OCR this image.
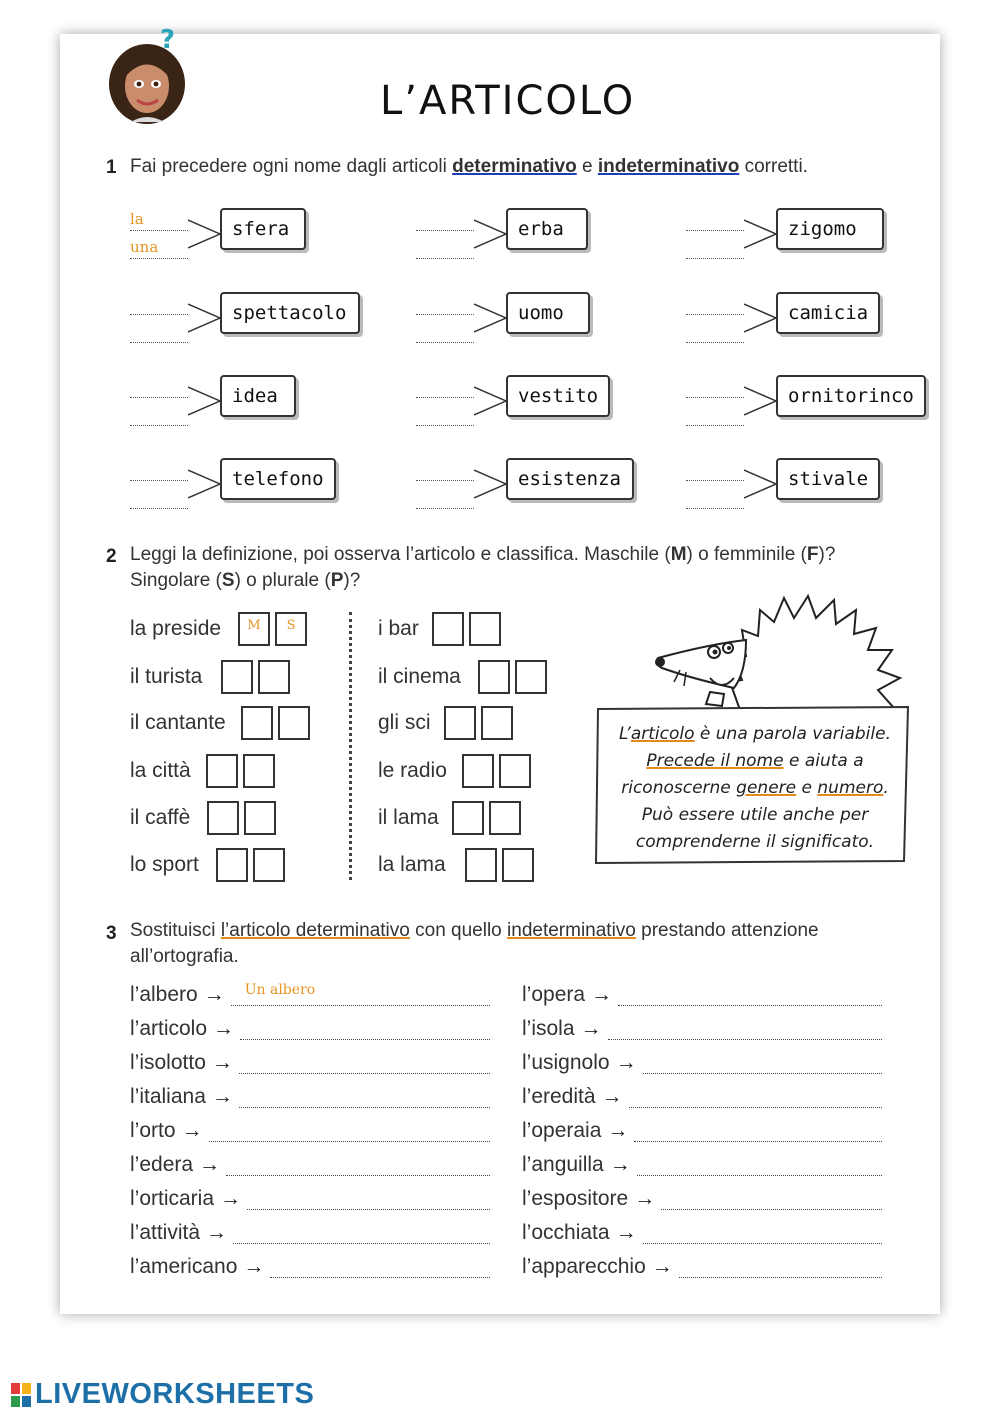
?
L’ARTICOLO
1 Fai precedere ogni nome dagli articoli determinativo e indeterminativo corretti.
la
una
sfera	erba	zigomo
spettacolo	uomo	camicia
idea	vestito	ornitorinco
telefono	esistenza	stivale
2 Leggi la definizione, poi osserva l’articolo e classifica. Maschile (M) o femminile (F)?
Singolare (S) o plurale (P)?
la preside	M	S
il turista
il cantante
la città
il caffè
lo sport
i bar
il cinema
gli sci
le radio
il lama
la lama
L’articolo è una parola variabile.
Precede il nome e aiuta a
riconoscerne genere e numero.
Può essere utile anche per
comprenderne il significato.
3 Sostituisci l’articolo determinativo con quello indeterminativo prestando attenzione
all’ortografia.
l’albero → Un albero
l’articolo →
l’isolotto →
l’italiana →
l’orto →
l’edera →
l’orticaria →
l’attività →
l’americano →
l’opera →
l’isola →
l’usignolo →
l’eredità →
l’operaia →
l’anguilla →
l’espositore →
l’occhiata →
l’apparecchio →
LIVEWORKSHEETS
